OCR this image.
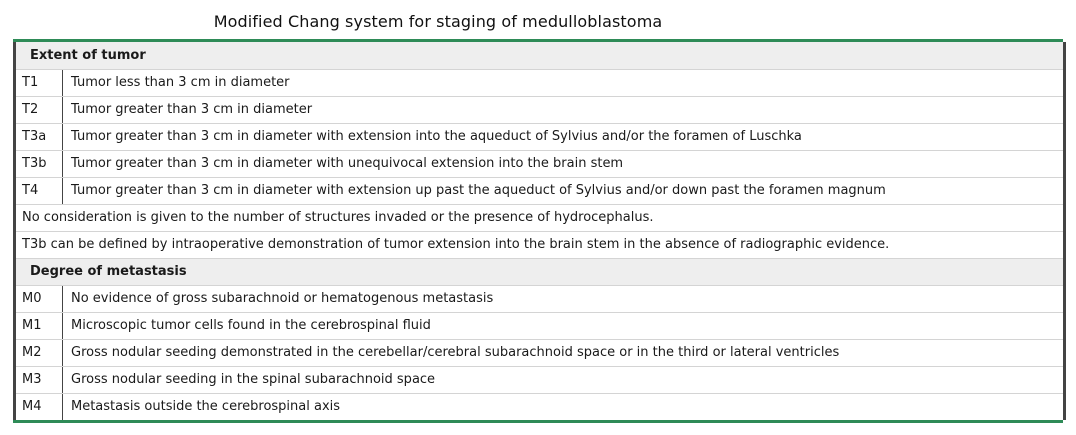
Modified Chang system for staging of medulloblastoma
Extent of tumor	
T1	Tumor less than 3 cm in diameter
T2	Tumor greater than 3 cm in diameter
T3a	Tumor greater than 3 cm in diameter with extension into the aqueduct of Sylvius and/or the foramen of Luschka
T3b	Tumor greater than 3 cm in diameter with unequivocal extension into the brain stem
T4	Tumor greater than 3 cm in diameter with extension up past the aqueduct of Sylvius and/or down past the foramen magnum
No consideration is given to the number of structures invaded or the presence of hydrocephalus.	
T3b can be defined by intraoperative demonstration of tumor extension into the brain stem in the absence of radiographic evidence.	
Degree of metastasis	
M0	No evidence of gross subarachnoid or hematogenous metastasis
M1	Microscopic tumor cells found in the cerebrospinal fluid
M2	Gross nodular seeding demonstrated in the cerebellar/cerebral subarachnoid space or in the third or lateral ventricles
M3	Gross nodular seeding in the spinal subarachnoid space
M4	Metastasis outside the cerebrospinal axis
